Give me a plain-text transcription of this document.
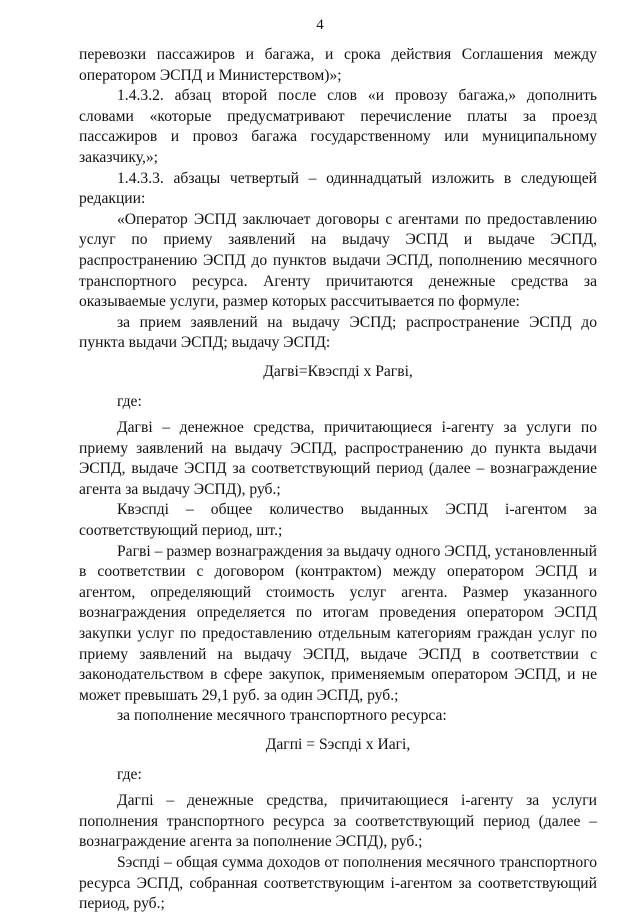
4

перевозки пассажиров и багажа, и срока действия Соглашения между оператором ЭСПД и Министерством)»;

1.4.3.2. абзац второй после слов «и провозу багажа,» дополнить словами «которые предусматривают перечисление платы за проезд пассажиров и провоз багажа государственному или муниципальному заказчику,»;

1.4.3.3. абзацы четвертый – одиннадцатый изложить в следующей редакции:

«Оператор ЭСПД заключает договоры с агентами по предоставлению услуг по приему заявлений на выдачу ЭСПД и выдаче ЭСПД, распространению ЭСПД до пунктов выдачи ЭСПД, пополнению месячного транспортного ресурса. Агенту причитаются денежные средства за оказываемые услуги, размер которых рассчитывается по формуле:

за прием заявлений на выдачу ЭСПД; распространение ЭСПД до пункта выдачи ЭСПД; выдачу ЭСПД:

Дагвi=Квэспдi х Рагвi,

где:

Дагвi – денежное средства, причитающиеся i-агенту за услуги по приему заявлений на выдачу ЭСПД, распространению до пункта выдачи ЭСПД, выдаче ЭСПД за соответствующий период (далее – вознаграждение агента за выдачу ЭСПД), руб.;

Квэспдi – общее количество выданных ЭСПД i-агентом за соответствующий период, шт.;

Рагвi – размер вознаграждения за выдачу одного ЭСПД, установленный в соответствии с договором (контрактом) между оператором ЭСПД и агентом, определяющий стоимость услуг агента. Размер указанного вознаграждения определяется по итогам проведения оператором ЭСПД закупки услуг по предоставлению отдельным категориям граждан услуг по приему заявлений на выдачу ЭСПД, выдаче ЭСПД в соответствии с законодательством в сфере закупок, применяемым оператором ЭСПД, и не может превышать 29,1 руб. за один ЭСПД, руб.;

за пополнение месячного транспортного ресурса:

Дагпi = Sэспдi х Иагi,

где:

Дагпi – денежные средства, причитающиеся i-агенту за услуги пополнения транспортного ресурса за соответствующий период (далее – вознаграждение агента за пополнение ЭСПД), руб.;

Sэспдi – общая сумма доходов от пополнения месячного транспортного ресурса ЭСПД, собранная соответствующим i-агентом за соответствующий период, руб.;
